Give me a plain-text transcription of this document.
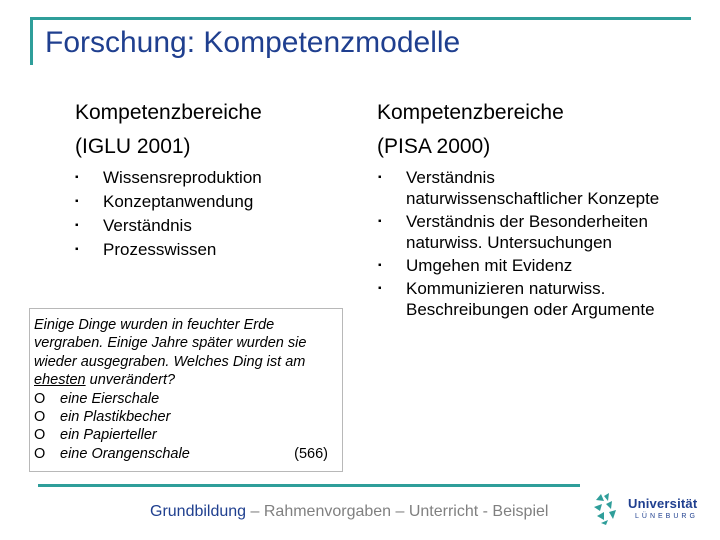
Forschung: Kompetenzmodelle
Kompetenzbereiche
(IGLU 2001)
▪ Wissensreproduktion
▪ Konzeptanwendung
▪ Verständnis
▪ Prozesswissen
Kompetenzbereiche
(PISA 2000)
▪ Verständnis naturwissenschaftlicher Konzepte
▪ Verständnis der Besonderheiten naturwiss. Untersuchungen
▪ Umgehen mit Evidenz
▪ Kommunizieren naturwiss. Beschreibungen oder Argumente
Einige Dinge wurden in feuchter Erde vergraben. Einige Jahre später wurden sie wieder ausgegraben. Welches Ding ist am ehesten unverändert?
O	eine Eierschale
O	ein Plastikbecher
O	ein Papierteller
O	eine Orangenschale	(566)
Grundbildung – Rahmenvorgaben – Unterricht - Beispiel	Universität
LÜNEBURG
